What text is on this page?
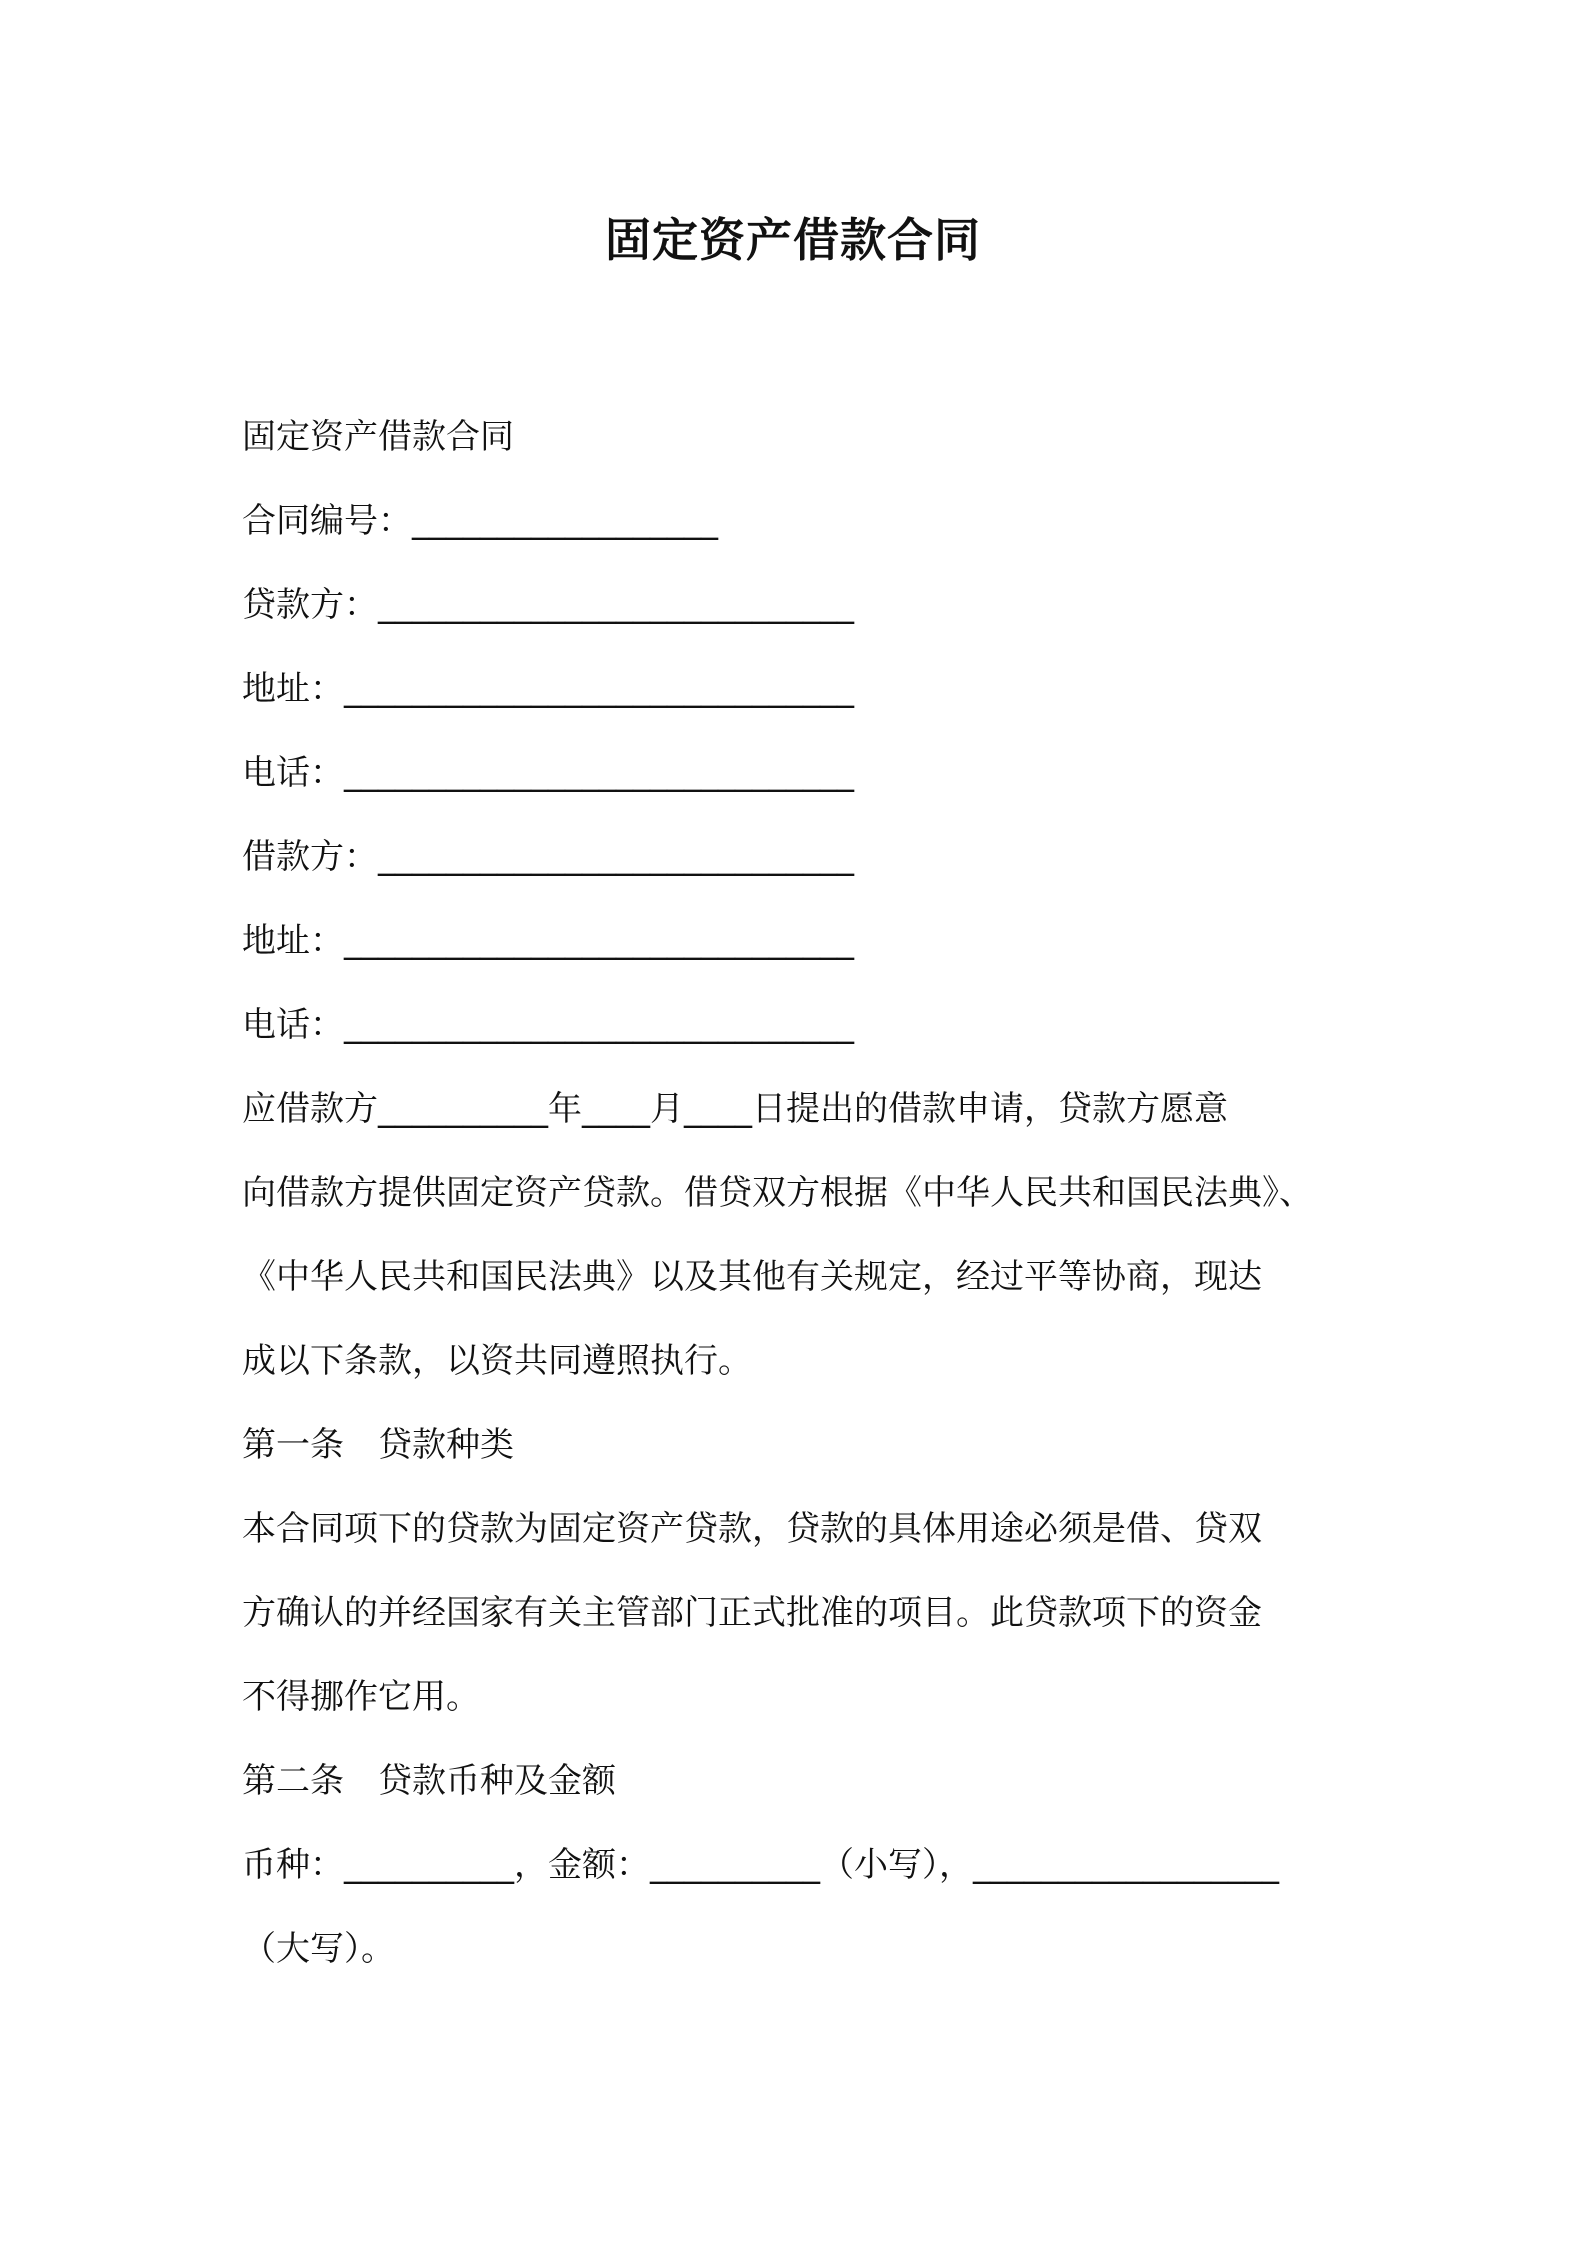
固定资产借款合同

固定资产借款合同

合同编号：__________________

贷款方：____________________________

地址：______________________________

电话：______________________________

借款方：____________________________

地址：______________________________

电话：______________________________

应借款方__________年____月____日提出的借款申请，贷款方愿意

向借款方提供固定资产贷款。借贷双方根据《中华人民共和国民法典》、

《中华人民共和国民法典》以及其他有关规定，经过平等协商，现达

成以下条款，以资共同遵照执行。

第一条　贷款种类

本合同项下的贷款为固定资产贷款，贷款的具体用途必须是借、贷双

方确认的并经国家有关主管部门正式批准的项目。此贷款项下的资金

不得挪作它用。

第二条　贷款币种及金额

币种：__________，金额：__________（小写），__________________

（大写）。
